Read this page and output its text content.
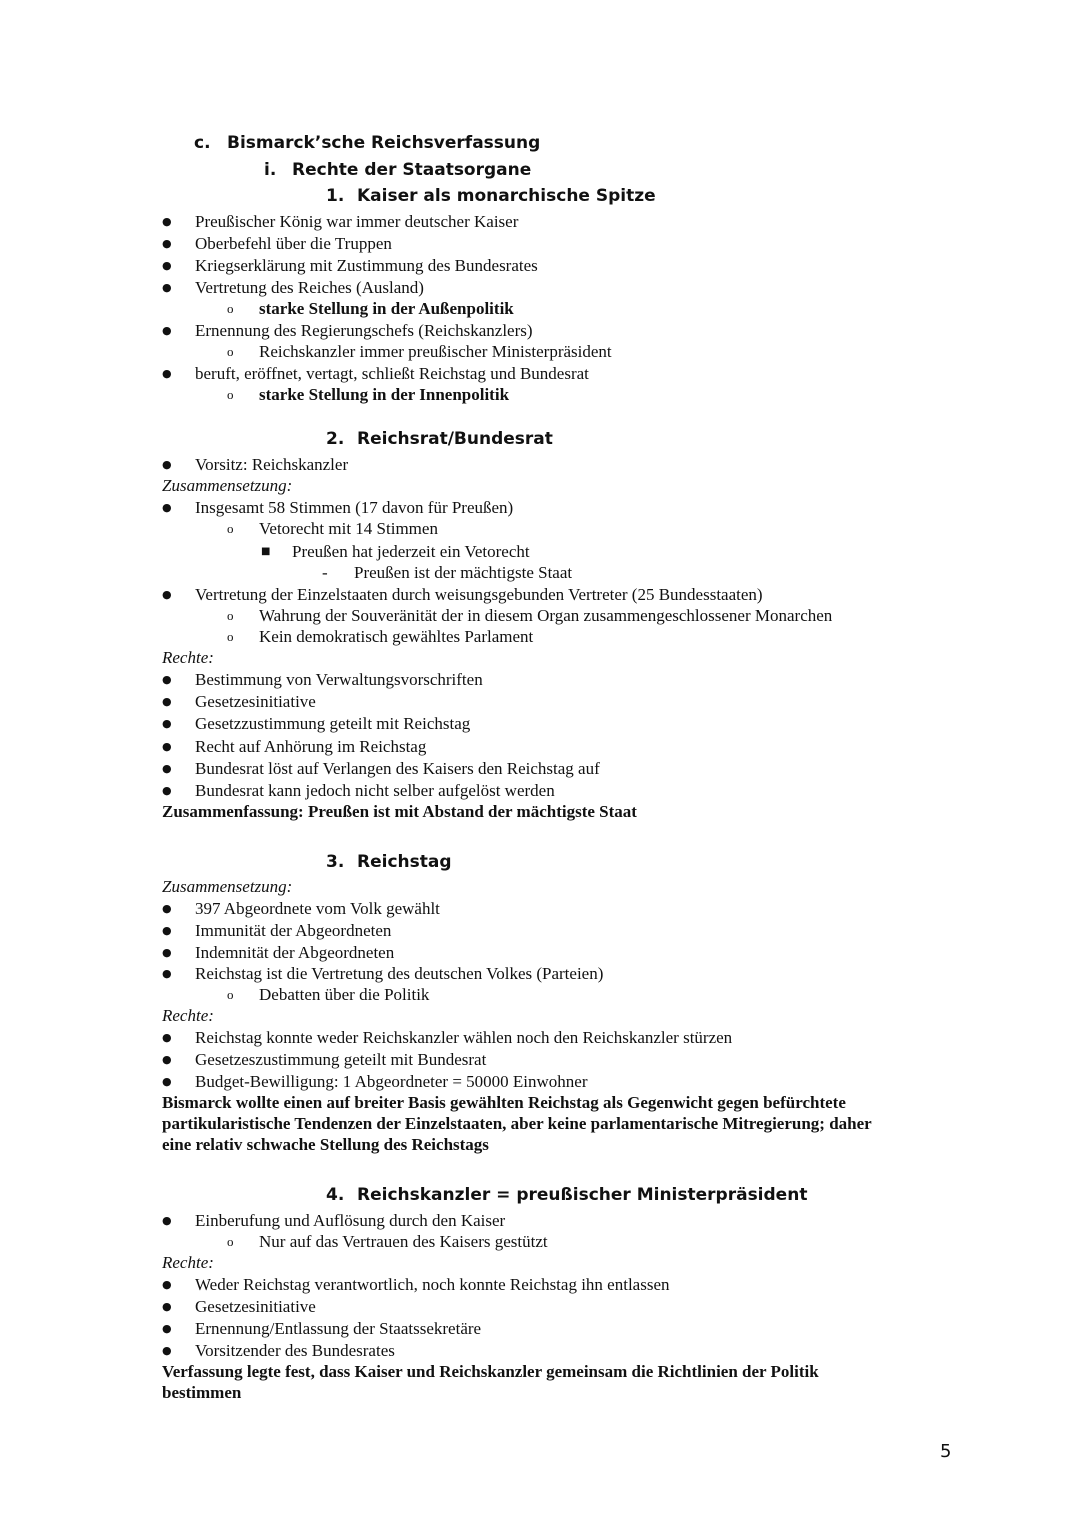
c. Bismarck’sche Reichsverfassung
i. Rechte der Staatsorgane
1. Kaiser als monarchische Spitze
● Preußischer König war immer deutscher Kaiser
● Oberbefehl über die Truppen
● Kriegserklärung mit Zustimmung des Bundesrates
● Vertretung des Reiches (Ausland)
o starke Stellung in der Außenpolitik
● Ernennung des Regierungschefs (Reichskanzlers)
o Reichskanzler immer preußischer Ministerpräsident
● beruft, eröffnet, vertagt, schließt Reichstag und Bundesrat
o starke Stellung in der Innenpolitik
2. Reichsrat/Bundesrat
● Vorsitz: Reichskanzler
Zusammensetzung:
● Insgesamt 58 Stimmen (17 davon für Preußen)
o Vetorecht mit 14 Stimmen
■ Preußen hat jederzeit ein Vetorecht
- Preußen ist der mächtigste Staat
● Vertretung der Einzelstaaten durch weisungsgebunden Vertreter (25 Bundesstaaten)
o Wahrung der Souveränität der in diesem Organ zusammengeschlossener Monarchen
o Kein demokratisch gewähltes Parlament
Rechte:
● Bestimmung von Verwaltungsvorschriften
● Gesetzesinitiative
● Gesetzzustimmung geteilt mit Reichstag
● Recht auf Anhörung im Reichstag
● Bundesrat löst auf Verlangen des Kaisers den Reichstag auf
● Bundesrat kann jedoch nicht selber aufgelöst werden
Zusammenfassung: Preußen ist mit Abstand der mächtigste Staat
3. Reichstag
Zusammensetzung:
● 397 Abgeordnete vom Volk gewählt
● Immunität der Abgeordneten
● Indemnität der Abgeordneten
● Reichstag ist die Vertretung des deutschen Volkes (Parteien)
o Debatten über die Politik
Rechte:
● Reichstag konnte weder Reichskanzler wählen noch den Reichskanzler stürzen
● Gesetzeszustimmung geteilt mit Bundesrat
● Budget-Bewilligung: 1 Abgeordneter = 50000 Einwohner
Bismarck wollte einen auf breiter Basis gewählten Reichstag als Gegenwicht gegen befürchtete
partikularistische Tendenzen der Einzelstaaten, aber keine parlamentarische Mitregierung; daher
eine relativ schwache Stellung des Reichstags
4. Reichskanzler = preußischer Ministerpräsident
● Einberufung und Auflösung durch den Kaiser
o Nur auf das Vertrauen des Kaisers gestützt
Rechte:
● Weder Reichstag verantwortlich, noch konnte Reichstag ihn entlassen
● Gesetzesinitiative
● Ernennung/Entlassung der Staatssekretäre
● Vorsitzender des Bundesrates
Verfassung legte fest, dass Kaiser und Reichskanzler gemeinsam die Richtlinien der Politik
bestimmen
5
